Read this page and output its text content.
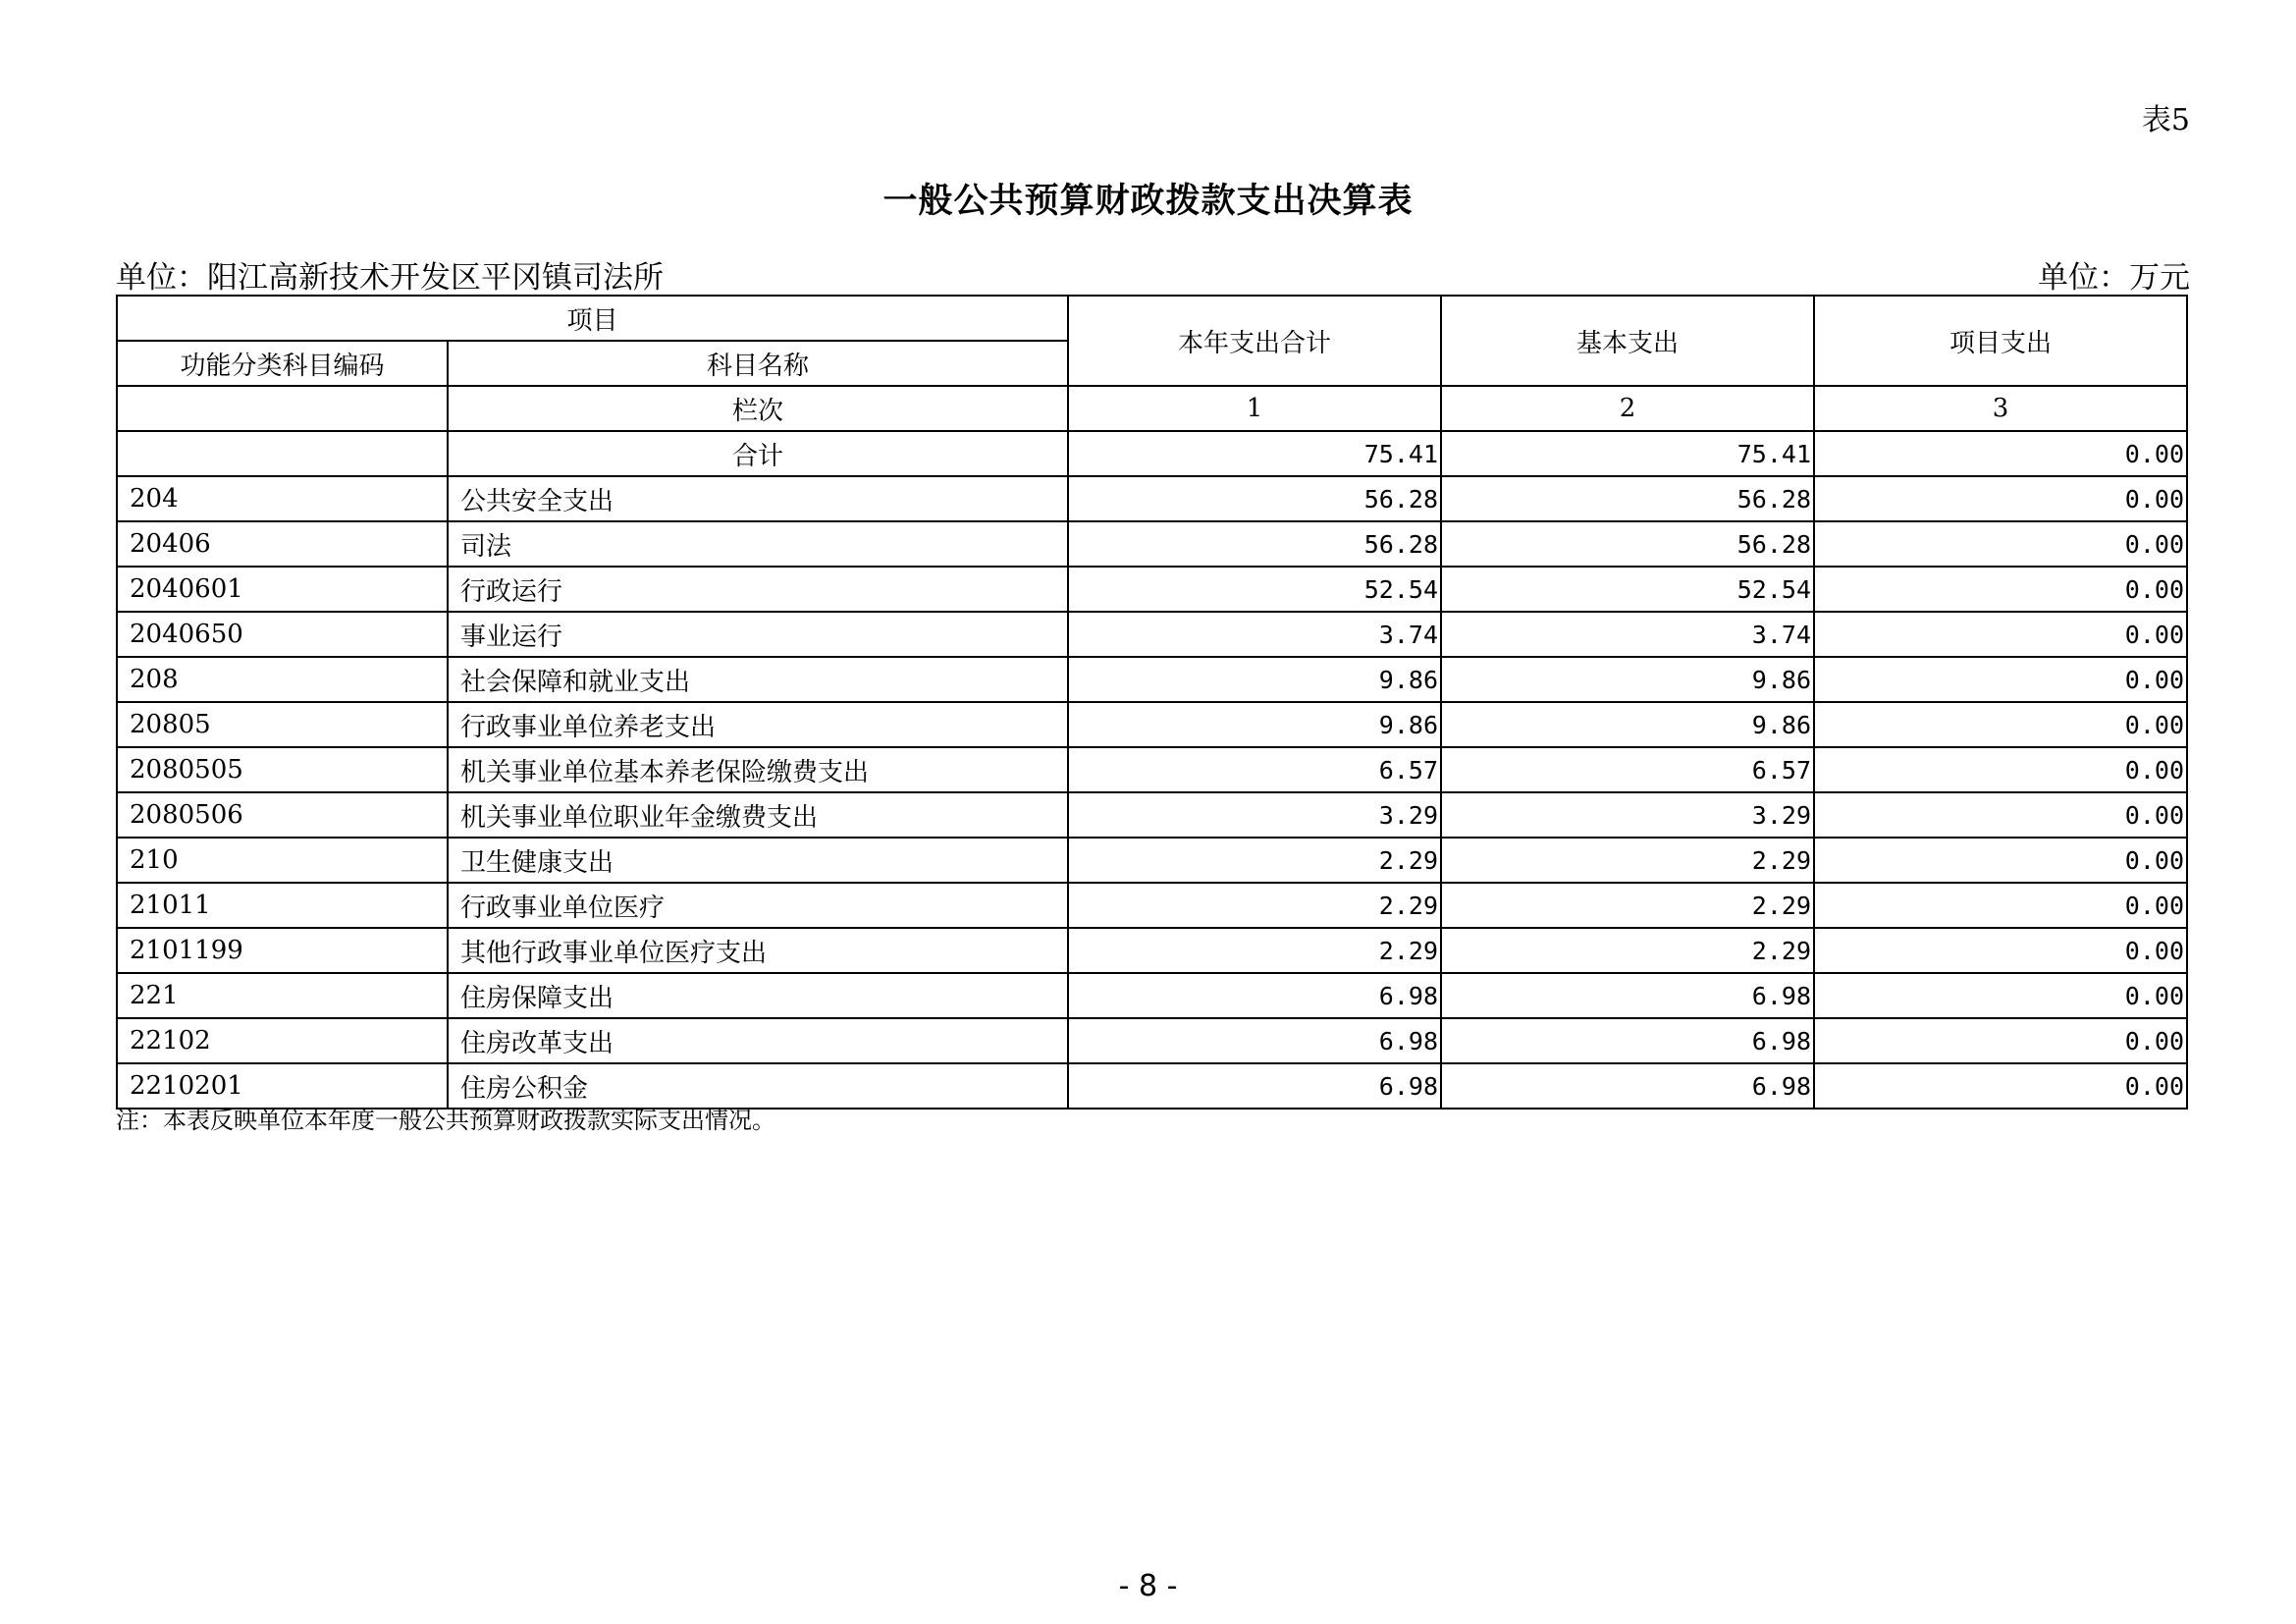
表5
一般公共预算财政拨款支出决算表
单位：阳江高新技术开发区平冈镇司法所	单位：万元
项目		本年支出合计	基本支出	项目支出
功能分类科目编码	科目名称			
	栏次	1	2	3
	合计	75.41	75.41	0.00
204	公共安全支出	56.28	56.28	0.00
20406	司法	56.28	56.28	0.00
2040601	行政运行	52.54	52.54	0.00
2040650	事业运行	3.74	3.74	0.00
208	社会保障和就业支出	9.86	9.86	0.00
20805	行政事业单位养老支出	9.86	9.86	0.00
2080505	机关事业单位基本养老保险缴费支出	6.57	6.57	0.00
2080506	机关事业单位职业年金缴费支出	3.29	3.29	0.00
210	卫生健康支出	2.29	2.29	0.00
21011	行政事业单位医疗	2.29	2.29	0.00
2101199	其他行政事业单位医疗支出	2.29	2.29	0.00
221	住房保障支出	6.98	6.98	0.00
22102	住房改革支出	6.98	6.98	0.00
2210201	住房公积金	6.98	6.98	0.00
注：本表反映单位本年度一般公共预算财政拨款实际支出情况。
- 8 -
